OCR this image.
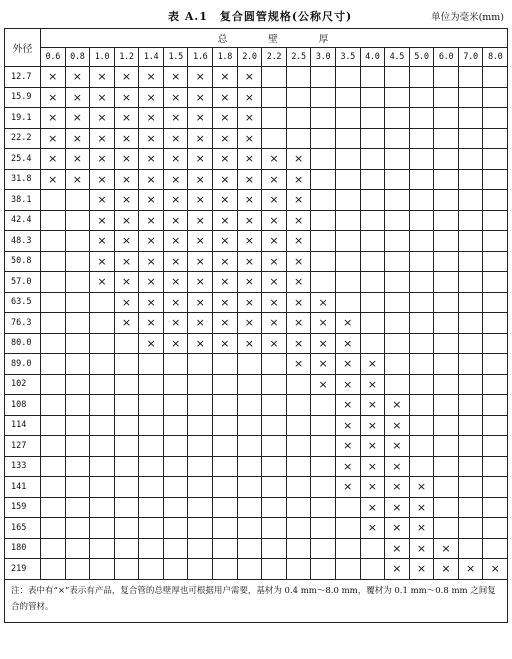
表 A.1　复合圆管规格(公称尺寸)	单位为毫米(mm)
外径	总 壁 厚																		
	0.6	0.8	1.0	1.2	1.4	1.5	1.6	1.8	2.0	2.2	2.5	3.0	3.5	4.0	4.5	5.0	6.0	7.0	8.0
12.7	×	×	×	×	×	×	×	×	×										
15.9	×	×	×	×	×	×	×	×	×										
19.1	×	×	×	×	×	×	×	×	×										
22.2	×	×	×	×	×	×	×	×	×										
25.4	×	×	×	×	×	×	×	×	×	×	×								
31.8	×	×	×	×	×	×	×	×	×	×	×								
38.1			×	×	×	×	×	×	×	×	×								
42.4			×	×	×	×	×	×	×	×	×								
48.3			×	×	×	×	×	×	×	×	×								
50.8			×	×	×	×	×	×	×	×	×								
57.0			×	×	×	×	×	×	×	×	×								
63.5				×	×	×	×	×	×	×	×	×							
76.3				×	×	×	×	×	×	×	×	×	×						
80.0					×	×	×	×	×	×	×	×	×						
89.0											×	×	×	×					
102												×	×	×					
108													×	×	×				
114													×	×	×				
127													×	×	×				
133													×	×	×				
141													×	×	×	×			
159														×	×	×			
165														×	×	×			
180															×	×	×		
219															×	×	×	×	×
注：表中有“×”表示有产品，复合管的总壁厚也可根据用户需要，基材为 0.4 mm～8.0 mm，覆材为 0.1 mm～0.8 mm 之间复合的管材。																			
